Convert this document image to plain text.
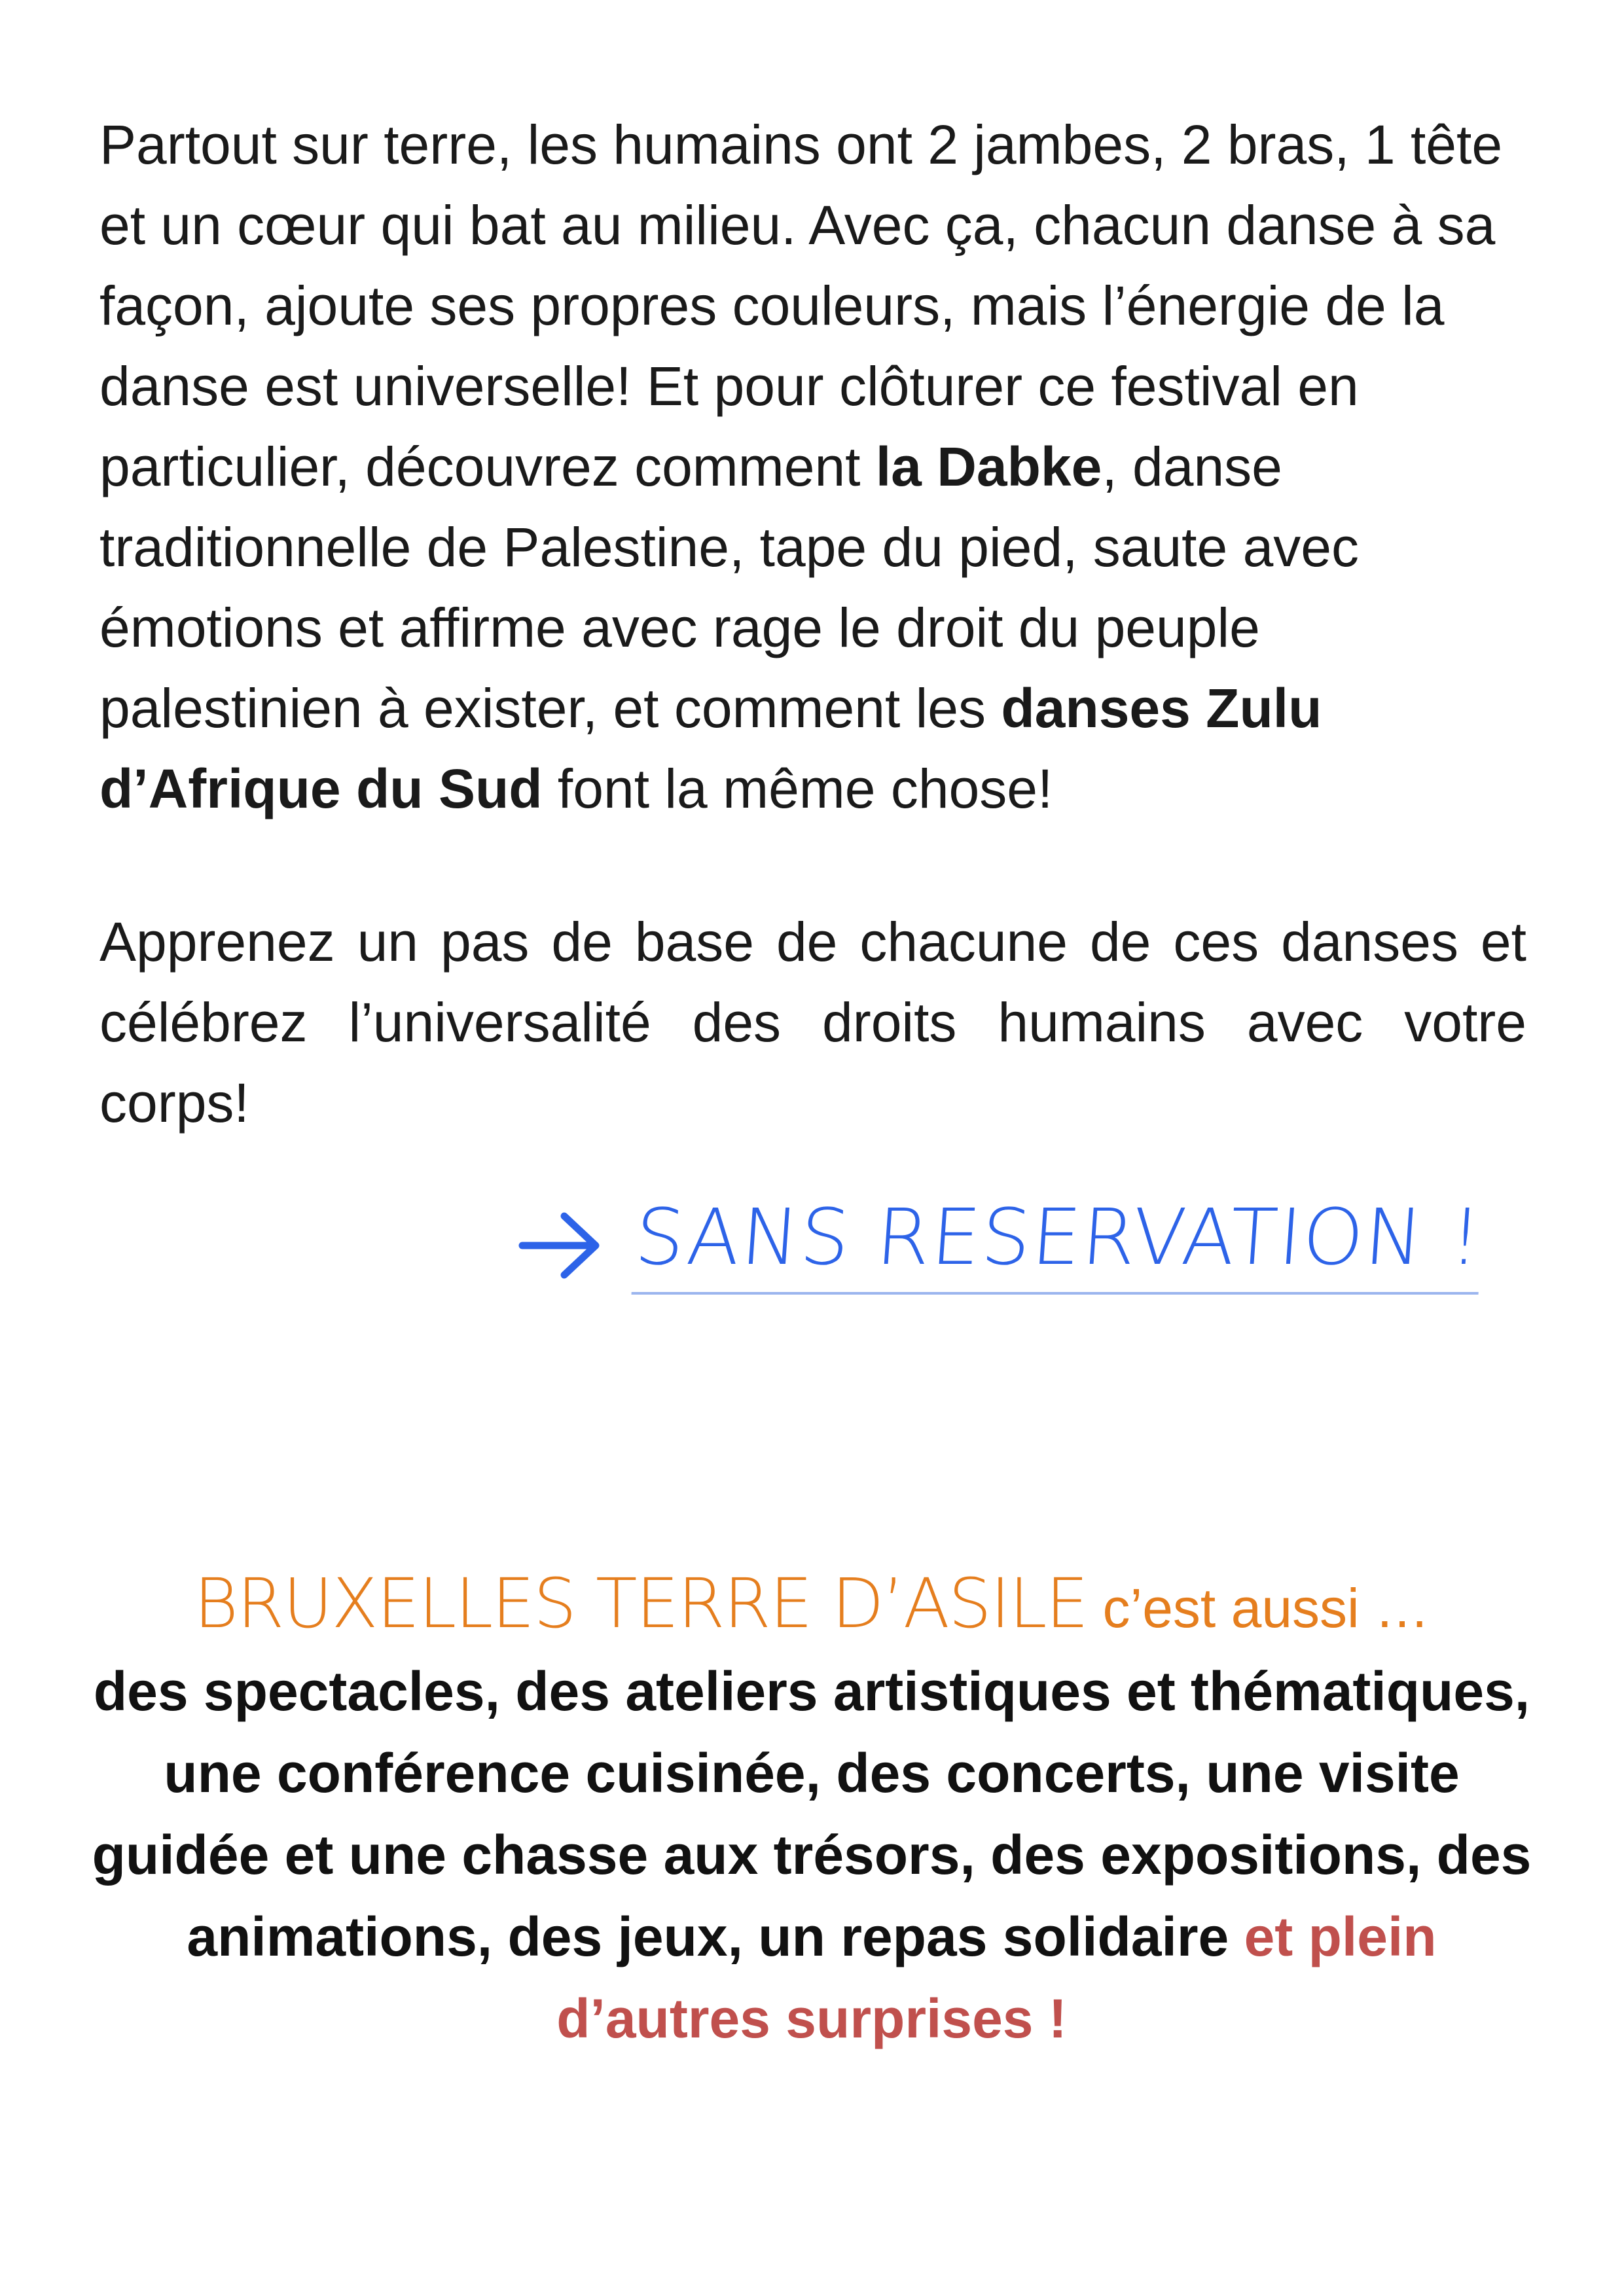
Partout sur terre, les humains ont 2 jambes, 2 bras, 1 tête et un cœur qui bat au milieu. Avec ça, chacun danse à sa façon, ajoute ses propres couleurs, mais l’énergie de la danse est universelle! Et pour clôturer ce festival en particulier, découvrez comment la Dabke, danse traditionnelle de Palestine, tape du pied, saute avec émotions et affirme avec rage le droit du peuple palestinien à exister, et comment les danses Zulu d’Afrique du Sud font la même chose!

Apprenez un pas de base de chacune de ces danses et célébrez l’universalité des droits humains avec votre corps!

SANS RESERVATION !
BRUXELLES TERRE D’ASILE c’est aussi …
des spectacles, des ateliers artistiques et thématiques, une conférence cuisinée, des concerts, une visite guidée et une chasse aux trésors, des expositions, des animations, des jeux, un repas solidaire et plein d’autres surprises !
